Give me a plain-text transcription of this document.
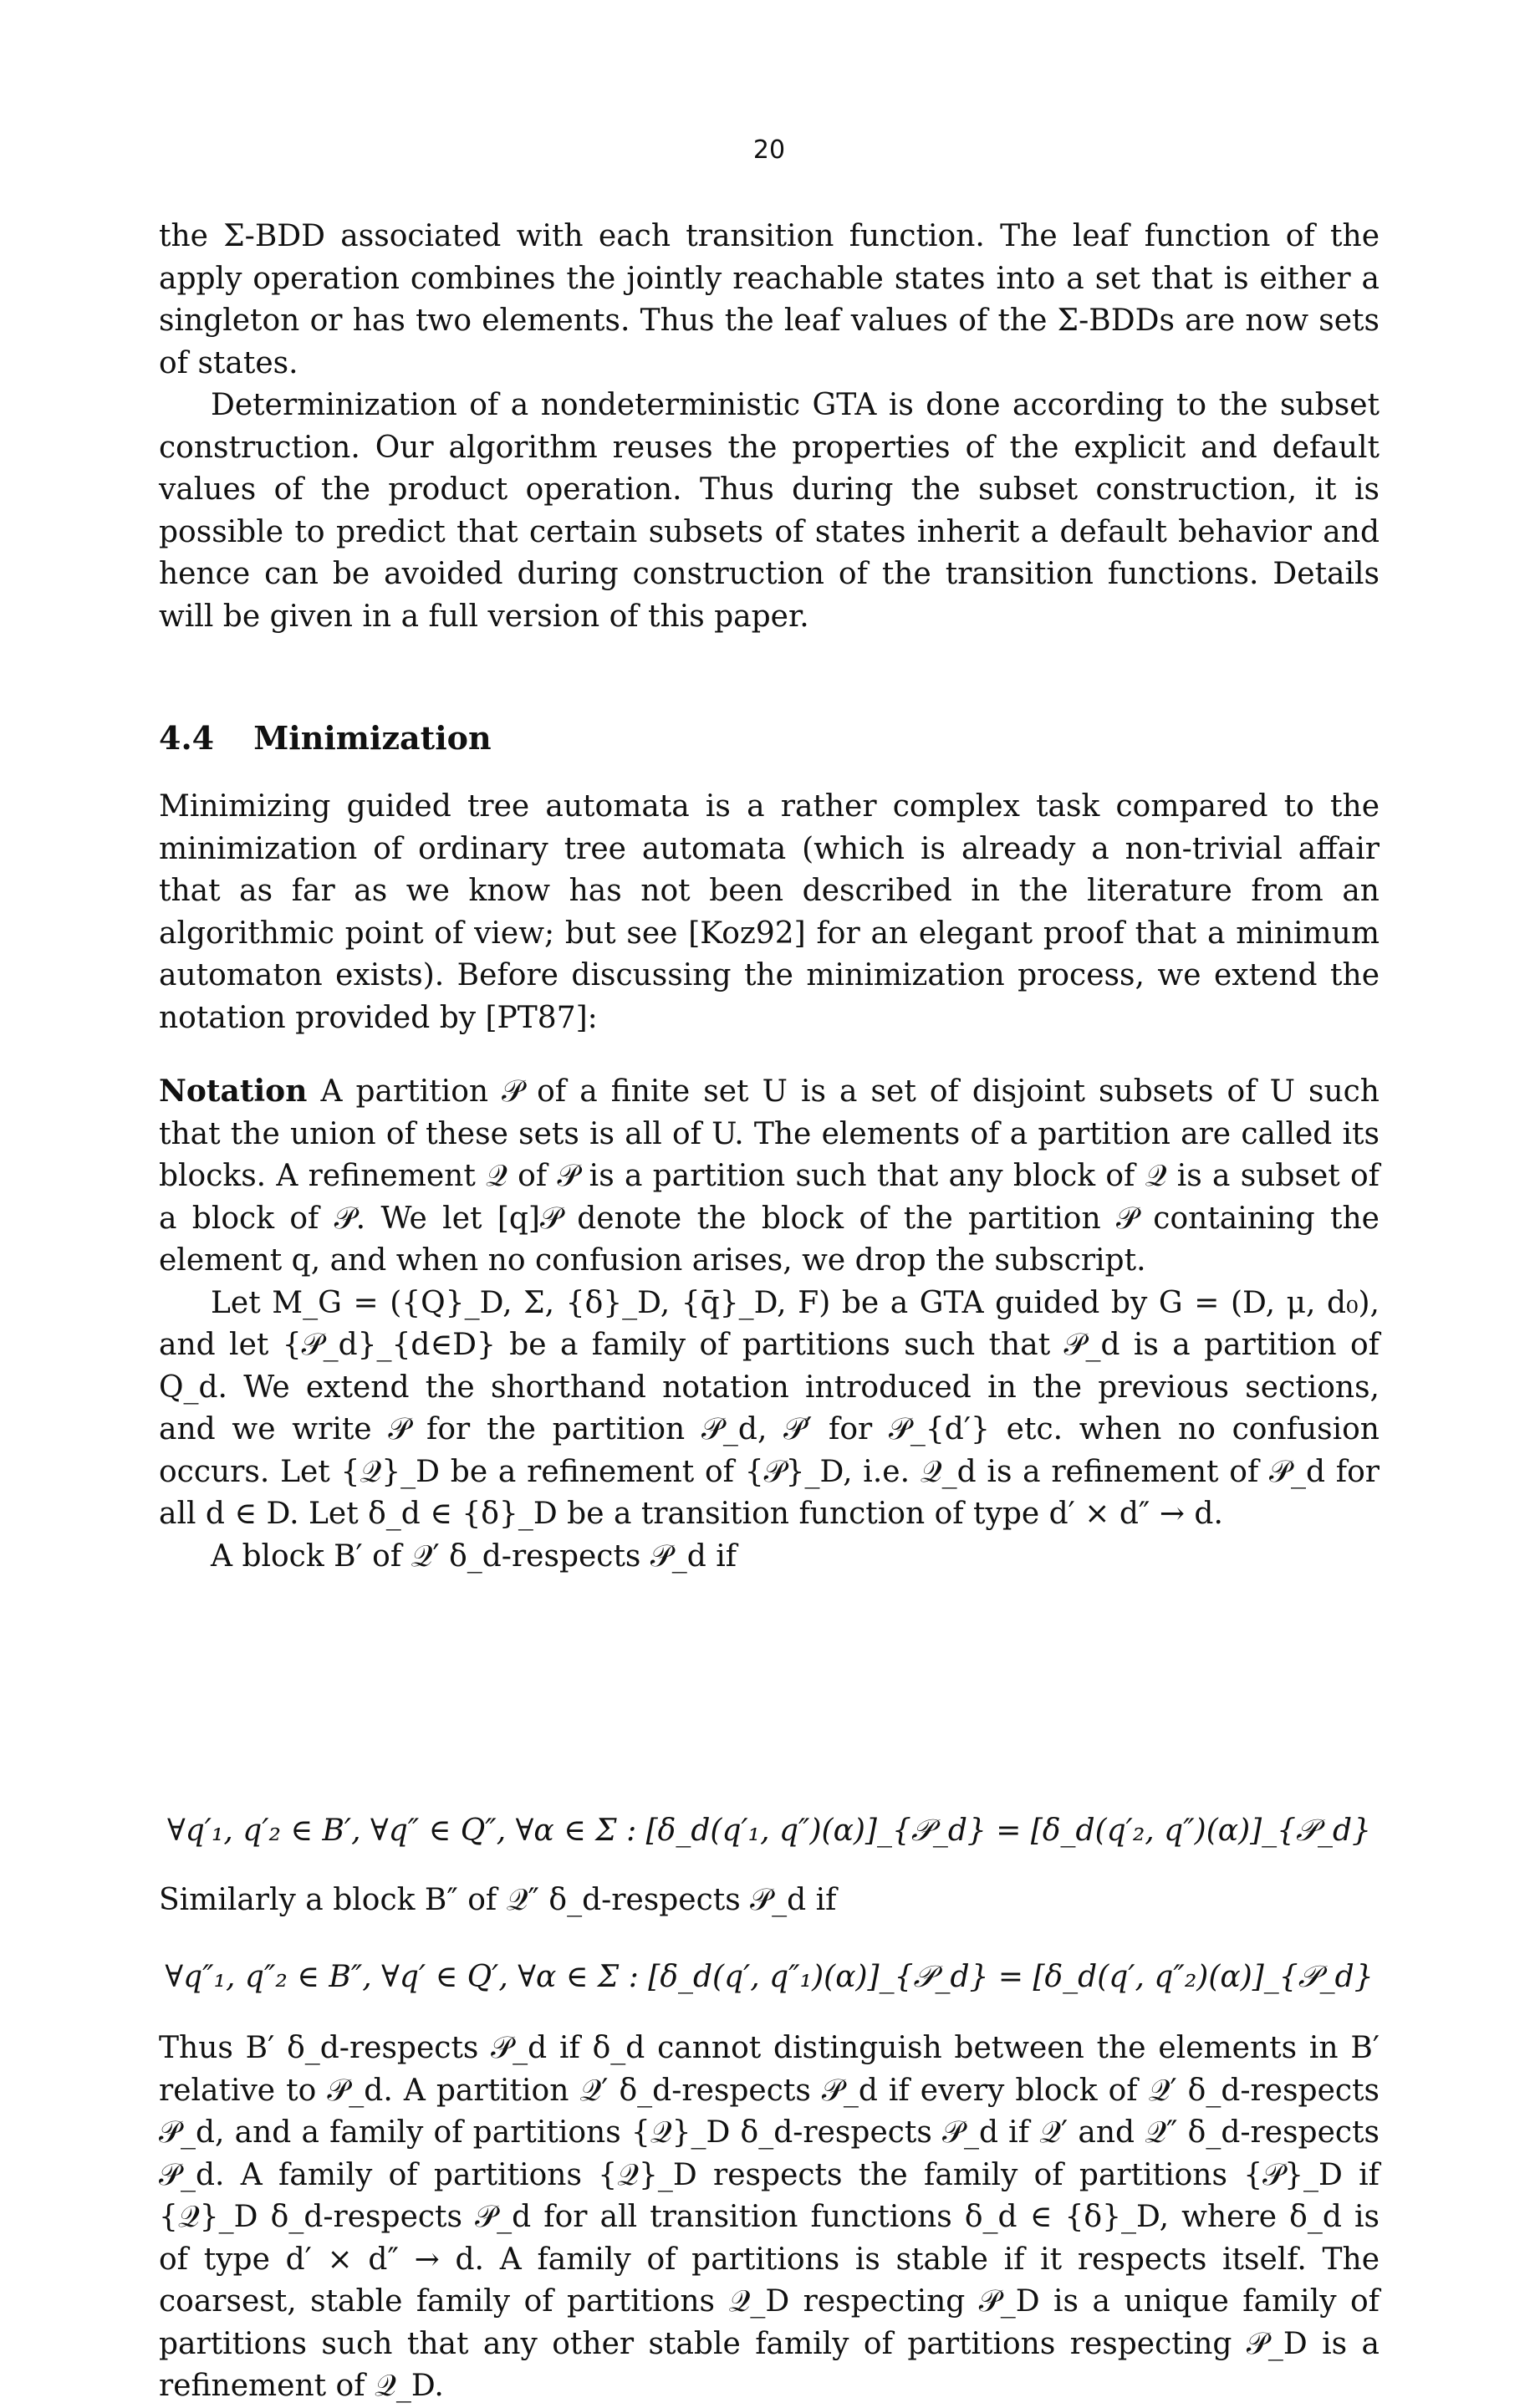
20

the Σ-BDD associated with each transition function. The leaf function of the apply operation combines the jointly reachable states into a set that is either a singleton or has two elements. Thus the leaf values of the Σ-BDDs are now sets of states.

Determinization of a nondeterministic GTA is done according to the subset construction. Our algorithm reuses the properties of the explicit and default values of the product operation. Thus during the subset construction, it is possible to predict that certain subsets of states inherit a default behavior and hence can be avoided during construction of the transition functions. Details will be given in a full version of this paper.

4.4 Minimization

Minimizing guided tree automata is a rather complex task compared to the minimization of ordinary tree automata (which is already a non-trivial affair that as far as we know has not been described in the literature from an algorithmic point of view; but see [Koz92] for an elegant proof that a minimum automaton exists). Before discussing the minimization process, we extend the notation provided by [PT87]:

Notation A partition 𝒫 of a finite set U is a set of disjoint subsets of U such that the union of these sets is all of U. The elements of a partition are called its blocks. A refinement 𝒬 of 𝒫 is a partition such that any block of 𝒬 is a subset of a block of 𝒫. We let [q]𝒫 denote the block of the partition 𝒫 containing the element q, and when no confusion arises, we drop the subscript.

Let M_G = ({Q}_D, Σ, {δ}_D, {q̄}_D, F) be a GTA guided by G = (D, μ, d₀), and let {𝒫_d}_{d∈D} be a family of partitions such that 𝒫_d is a partition of Q_d. We extend the shorthand notation introduced in the previous sections, and we write 𝒫 for the partition 𝒫_d, 𝒫′ for 𝒫_{d′} etc. when no confusion occurs. Let {𝒬}_D be a refinement of {𝒫}_D, i.e. 𝒬_d is a refinement of 𝒫_d for all d ∈ D. Let δ_d ∈ {δ}_D be a transition function of type d′ × d″ → d.

A block B′ of 𝒬′ δ_d-respects 𝒫_d if

∀q′₁, q′₂ ∈ B′, ∀q″ ∈ Q″, ∀α ∈ Σ : [δ_d(q′₁, q″)(α)]_{𝒫_d} = [δ_d(q′₂, q″)(α)]_{𝒫_d}

Similarly a block B″ of 𝒬″ δ_d-respects 𝒫_d if

∀q″₁, q″₂ ∈ B″, ∀q′ ∈ Q′, ∀α ∈ Σ : [δ_d(q′, q″₁)(α)]_{𝒫_d} = [δ_d(q′, q″₂)(α)]_{𝒫_d}

Thus B′ δ_d-respects 𝒫_d if δ_d cannot distinguish between the elements in B′ relative to 𝒫_d. A partition 𝒬′ δ_d-respects 𝒫_d if every block of 𝒬′ δ_d-respects 𝒫_d, and a family of partitions {𝒬}_D δ_d-respects 𝒫_d if 𝒬′ and 𝒬″ δ_d-respects 𝒫_d. A family of partitions {𝒬}_D respects the family of partitions {𝒫}_D if {𝒬}_D δ_d-respects 𝒫_d for all transition functions δ_d ∈ {δ}_D, where δ_d is of type d′ × d″ → d. A family of partitions is stable if it respects itself. The coarsest, stable family of partitions 𝒬_D respecting 𝒫_D is a unique family of partitions such that any other stable family of partitions respecting 𝒫_D is a refinement of 𝒬_D.
